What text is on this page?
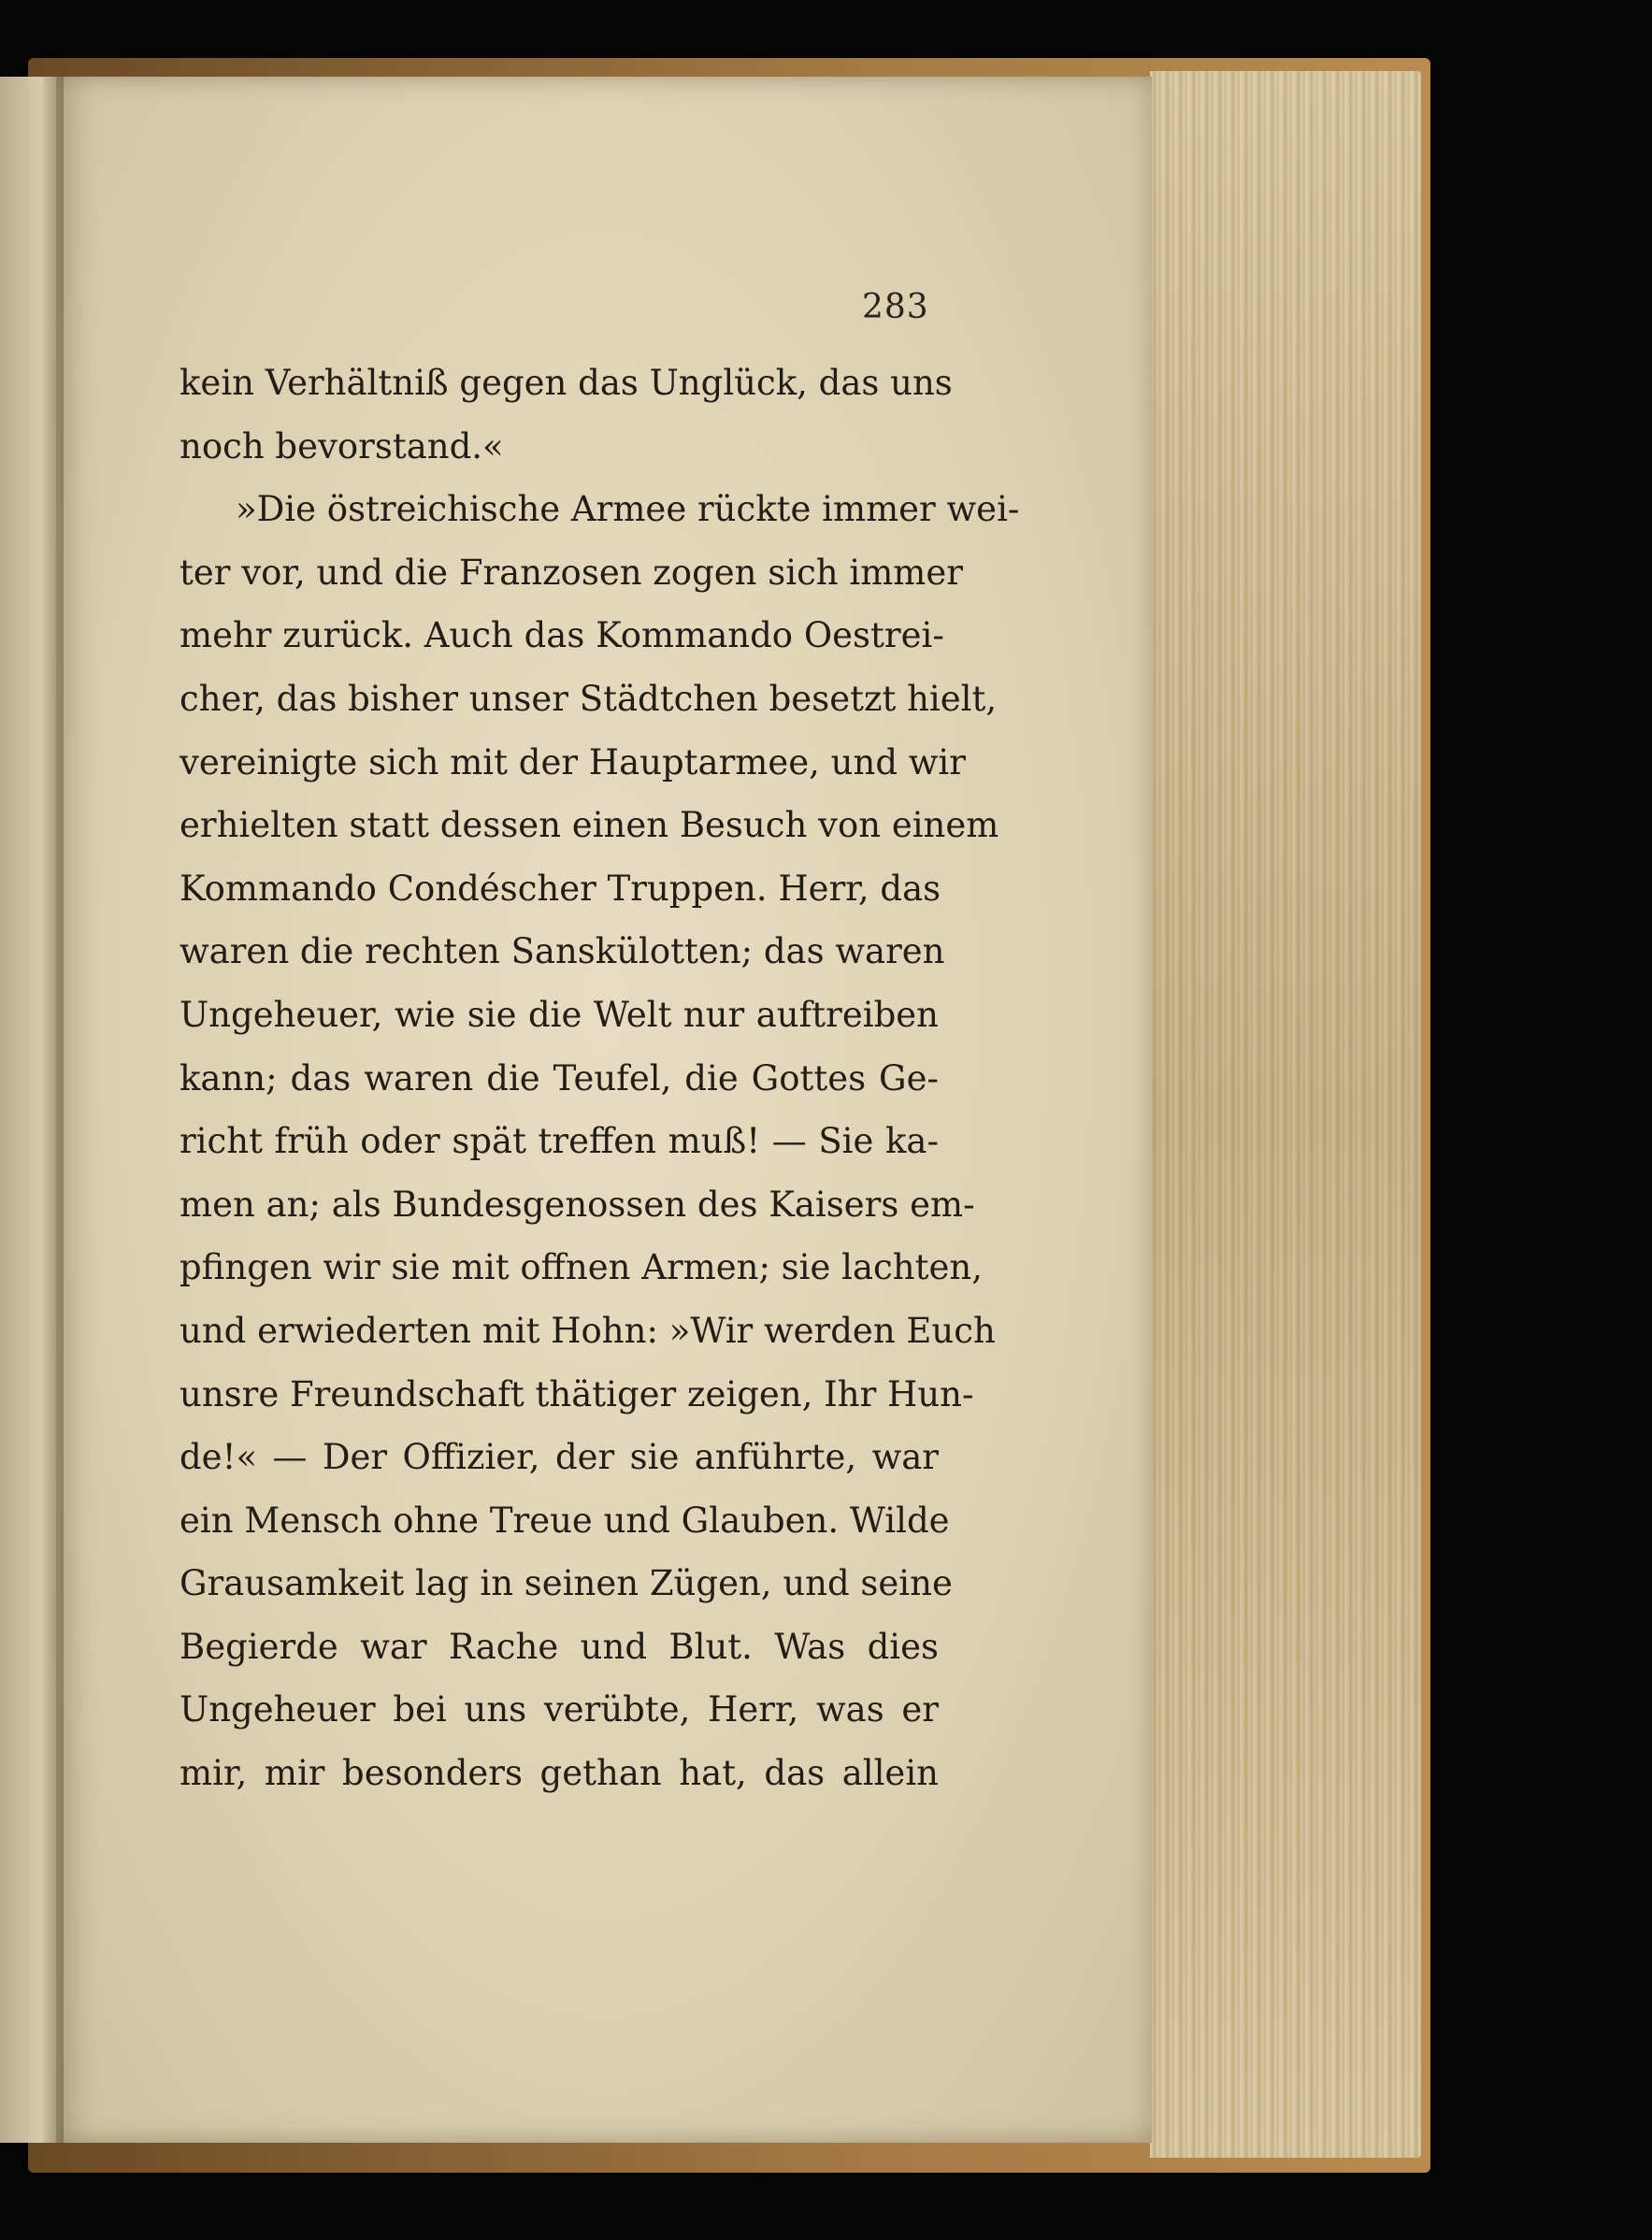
283
kein Verhältniß gegen das Unglück, das uns
noch bevorstand.«
»Die östreichische Armee rückte immer wei-
ter vor, und die Franzosen zogen sich immer
mehr zurück. Auch das Kommando Oestrei-
cher, das bisher unser Städtchen besetzt hielt,
vereinigte sich mit der Hauptarmee, und wir
erhielten statt dessen einen Besuch von einem
Kommando Condéscher Truppen. Herr, das
waren die rechten Sanskülotten; das waren
Ungeheuer, wie sie die Welt nur auftreiben
kann; das waren die Teufel, die Gottes Ge-
richt früh oder spät treffen muß! — Sie ka-
men an; als Bundesgenossen des Kaisers em-
pfingen wir sie mit offnen Armen; sie lachten,
und erwiederten mit Hohn: »Wir werden Euch
unsre Freundschaft thätiger zeigen, Ihr Hun-
de!« — Der Offizier, der sie anführte, war
ein Mensch ohne Treue und Glauben. Wilde
Grausamkeit lag in seinen Zügen, und seine
Begierde war Rache und Blut. Was dies
Ungeheuer bei uns verübte, Herr, was er
mir, mir besonders gethan hat, das allein
